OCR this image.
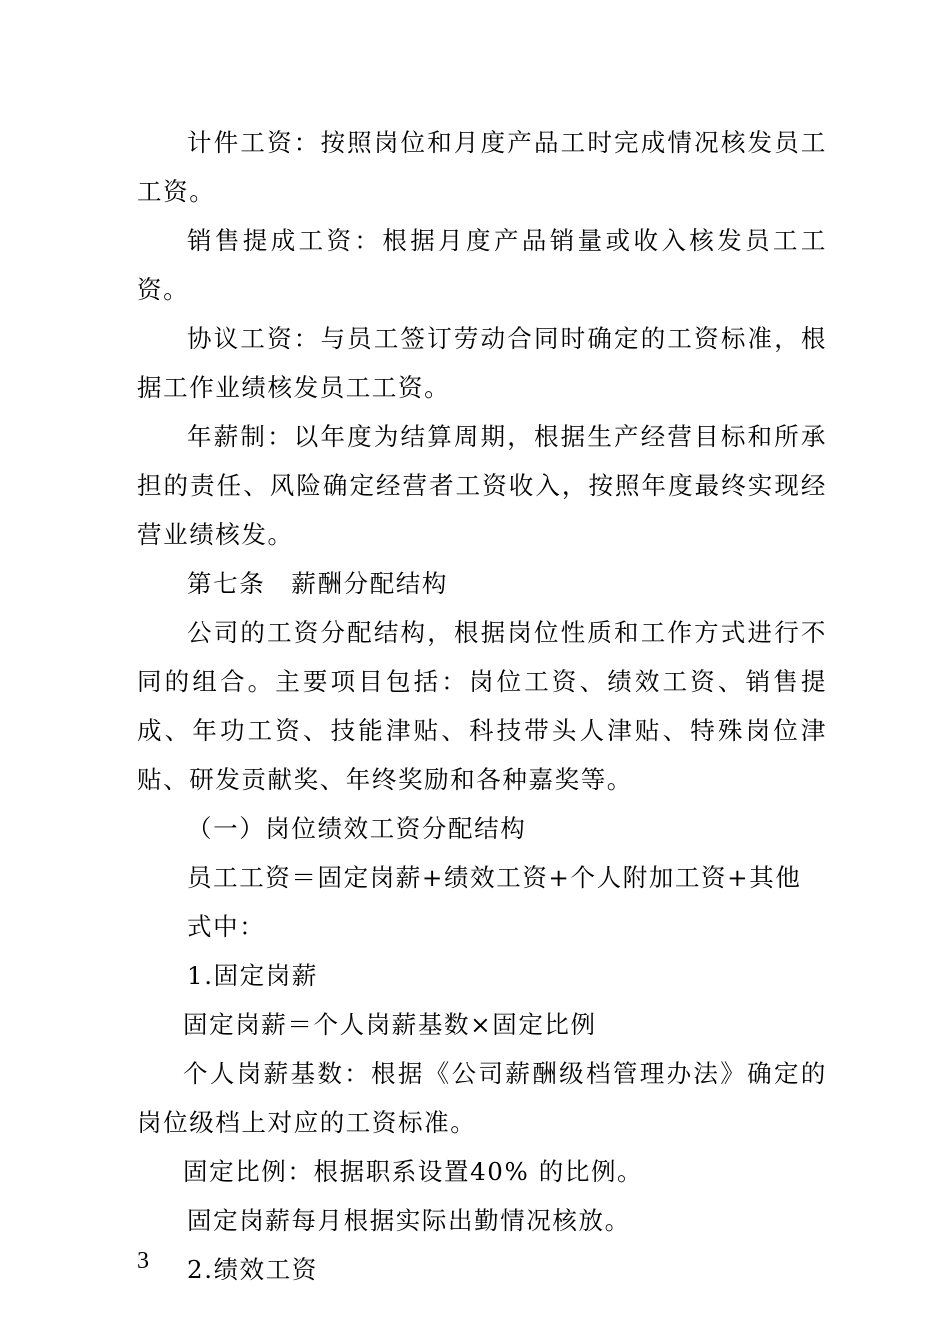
计件工资：按照岗位和月度产品工时完成情况核发员工工资。

销售提成工资：根据月度产品销量或收入核发员工工资。

协议工资：与员工签订劳动合同时确定的工资标准，根据工作业绩核发员工工资。

年薪制：以年度为结算周期，根据生产经营目标和所承担的责任、风险确定经营者工资收入，按照年度最终实现经营业绩核发。

第七条　薪酬分配结构

公司的工资分配结构，根据岗位性质和工作方式进行不同的组合。主要项目包括：岗位工资、绩效工资、销售提成、年功工资、技能津贴、科技带头人津贴、特殊岗位津贴、研发贡献奖、年终奖励和各种嘉奖等。

（一）岗位绩效工资分配结构

员工工资＝固定岗薪+绩效工资+个人附加工资+其他

式中：

1.固定岗薪

固定岗薪＝个人岗薪基数×固定比例

个人岗薪基数：根据《公司薪酬级档管理办法》确定的岗位级档上对应的工资标准。

固定比例：根据职系设置40% 的比例。

固定岗薪每月根据实际出勤情况核放。

2.绩效工资

3
